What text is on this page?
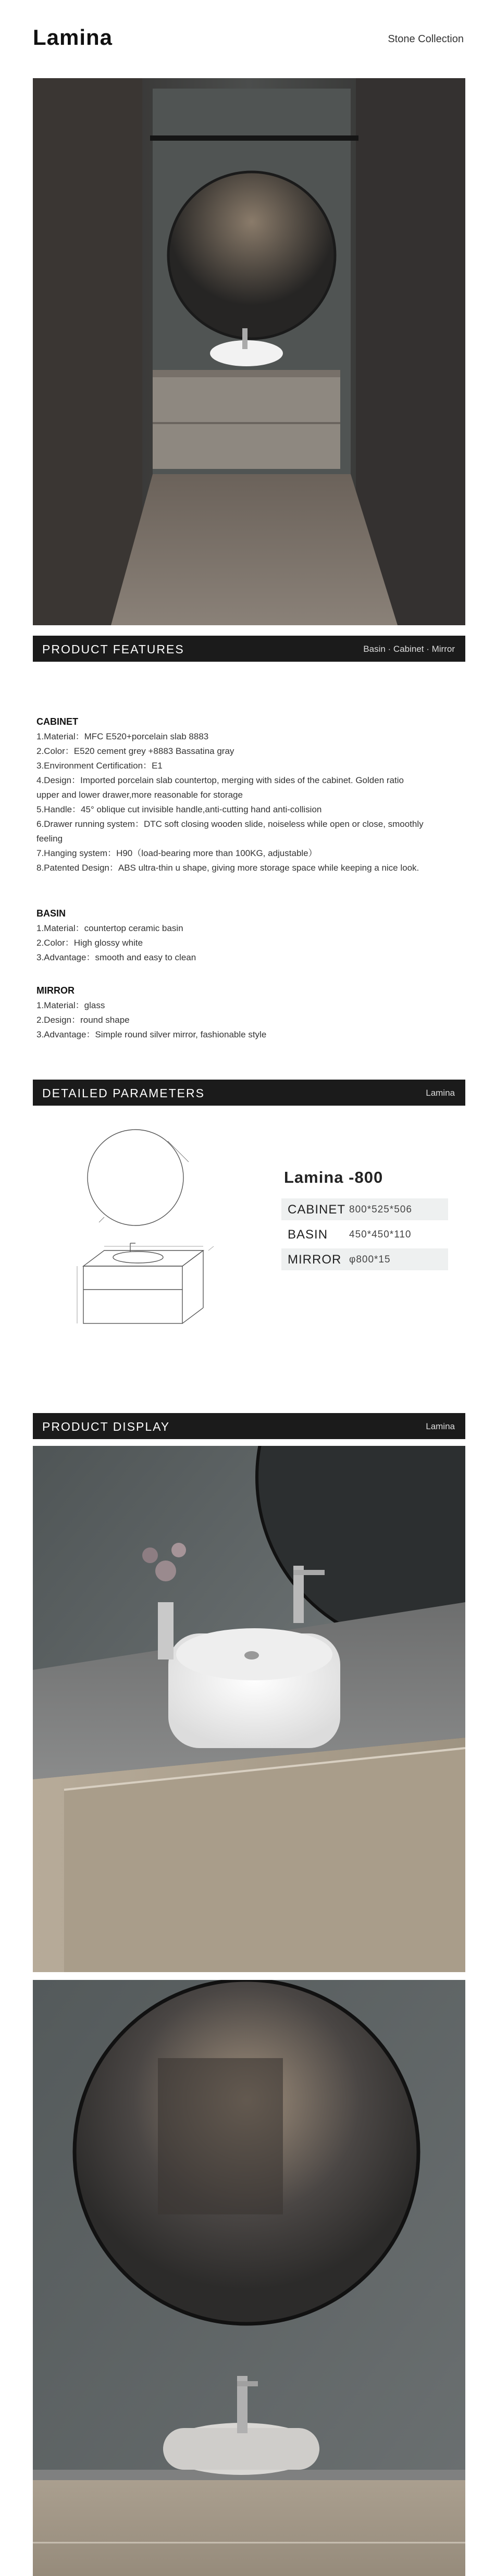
Lamina	Stone Collection
PRODUCT FEATURES	Basin · Cabinet · Mirror
CABINET

1.Material：MFC E520+porcelain slab 8883

2.Color：E520 cement grey +8883 Bassatina gray

3.Environment Certification：E1

4.Design：Imported porcelain slab countertop, merging with sides of the cabinet. Golden ratio

upper and lower drawer,more reasonable for storage

5.Handle：45° oblique cut invisible handle,anti-cutting hand anti-collision

6.Drawer running system：DTC soft closing wooden slide, noiseless while open or close, smoothly

feeling

7.Hanging system：H90（load-bearing more than 100KG, adjustable）

8.Patented Design：ABS ultra-thin u shape, giving more storage space while keeping a nice look.

BASIN

1.Material：countertop ceramic basin

2.Color：High glossy white

3.Advantage：smooth and easy to clean

MIRROR

1.Material：glass

2.Design：round shape

3.Advantage：Simple round silver mirror, fashionable style

DETAILED PARAMETERS	Lamina
Lamina -800
CABINET 800*525*506
BASIN 450*450*110
MIRROR φ800*15
PRODUCT DISPLAY	Lamina
